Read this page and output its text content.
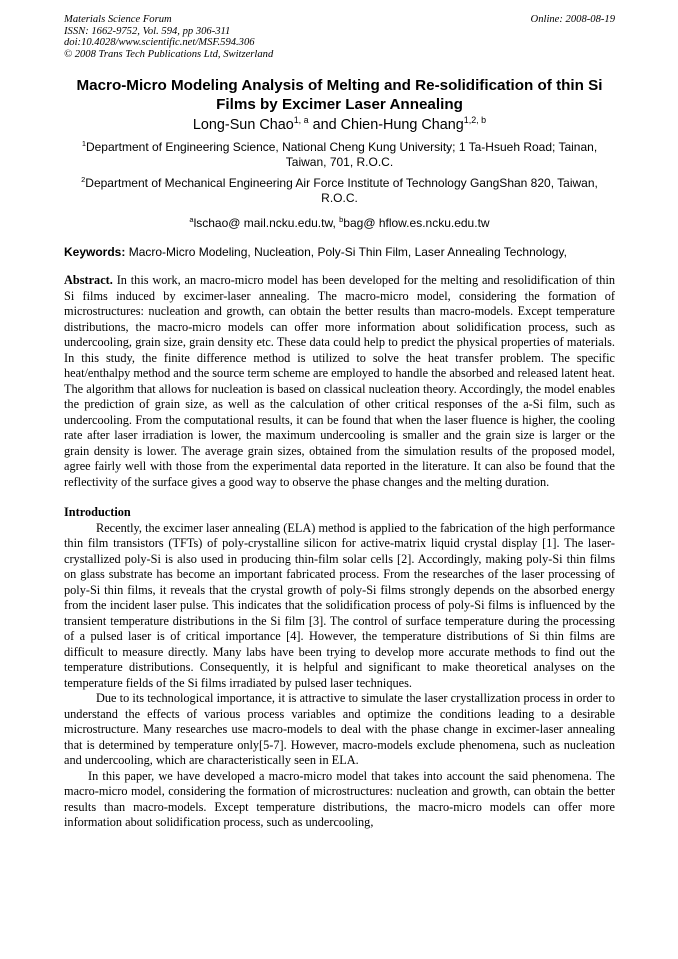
Materials Science Forum
ISSN: 1662-9752, Vol. 594, pp 306-311
doi:10.4028/www.scientific.net/MSF.594.306
© 2008 Trans Tech Publications Ltd, Switzerland
Online: 2008-08-19
Macro-Micro Modeling Analysis of Melting and Re-solidification of thin Si Films by Excimer Laser Annealing
Long-Sun Chao$^{1, a}$ and Chien-Hung Chang$^{1,2, b}$
$^1$Department of Engineering Science, National Cheng Kung University; 1 Ta-Hsueh Road; Tainan, Taiwan, 701, R.O.C.
$^2$Department of Mechanical Engineering Air Force Institute of Technology GangShan 820, Taiwan, R.O.C.
$^a$lschao@ mail.ncku.edu.tw, $^b$bag@ hflow.es.ncku.edu.tw
Keywords: Macro-Micro Modeling, Nucleation, Poly-Si Thin Film, Laser Annealing Technology,
Abstract. In this work, an macro-micro model has been developed for the melting and resolidification of thin Si films induced by excimer-laser annealing. The macro-micro model, considering the formation of microstructures: nucleation and growth, can obtain the better results than macro-models. Except temperature distributions, the macro-micro models can offer more information about solidification process, such as undercooling, grain size, grain density etc. These data could help to predict the physical properties of materials. In this study, the finite difference method is utilized to solve the heat transfer problem. The specific heat/enthalpy method and the source term scheme are employed to handle the absorbed and released latent heat. The algorithm that allows for nucleation is based on classical nucleation theory. Accordingly, the model enables the prediction of grain size, as well as the calculation of other critical responses of the a-Si film, such as undercooling. From the computational results, it can be found that when the laser fluence is higher, the cooling rate after laser irradiation is lower, the maximum undercooling is smaller and the grain size is larger or the grain density is lower. The average grain sizes, obtained from the simulation results of the proposed model, agree fairly well with those from the experimental data reported in the literature. It can also be found that the reflectivity of the surface gives a good way to observe the phase changes and the melting duration.
Introduction

Recently, the excimer laser annealing (ELA) method is applied to the fabrication of the high performance thin film transistors (TFTs) of poly-crystalline silicon for active-matrix liquid crystal display [1]. The laser-crystallized poly-Si is also used in producing thin-film solar cells [2]. Accordingly, making poly-Si thin films on glass substrate has become an important fabricated process. From the researches of the laser processing of poly-Si thin films, it reveals that the crystal growth of poly-Si films strongly depends on the absorbed energy from the incident laser pulse. This indicates that the solidification process of poly-Si films is influenced by the transient temperature distributions in the Si film [3]. The control of surface temperature during the processing of a pulsed laser is of critical importance [4]. However, the temperature distributions of Si thin films are difficult to measure directly. Many labs have been trying to develop more accurate methods to find out the temperature distributions. Consequently, it is helpful and significant to make theoretical analyses on the temperature fields of the Si films irradiated by pulsed laser techniques.

Due to its technological importance, it is attractive to simulate the laser crystallization process in order to understand the effects of various process variables and optimize the conditions leading to a desirable microstructure. Many researches use macro-models to deal with the phase change in excimer-laser annealing that is determined by temperature only[5-7]. However, macro-models exclude phenomena, such as nucleation and undercooling, which are characteristically seen in ELA.

In this paper, we have developed a macro-micro model that takes into account the said phenomena. The macro-micro model, considering the formation of microstructures: nucleation and growth, can obtain the better results than macro-models. Except temperature distributions, the macro-micro models can offer more information about solidification process, such as undercooling,
